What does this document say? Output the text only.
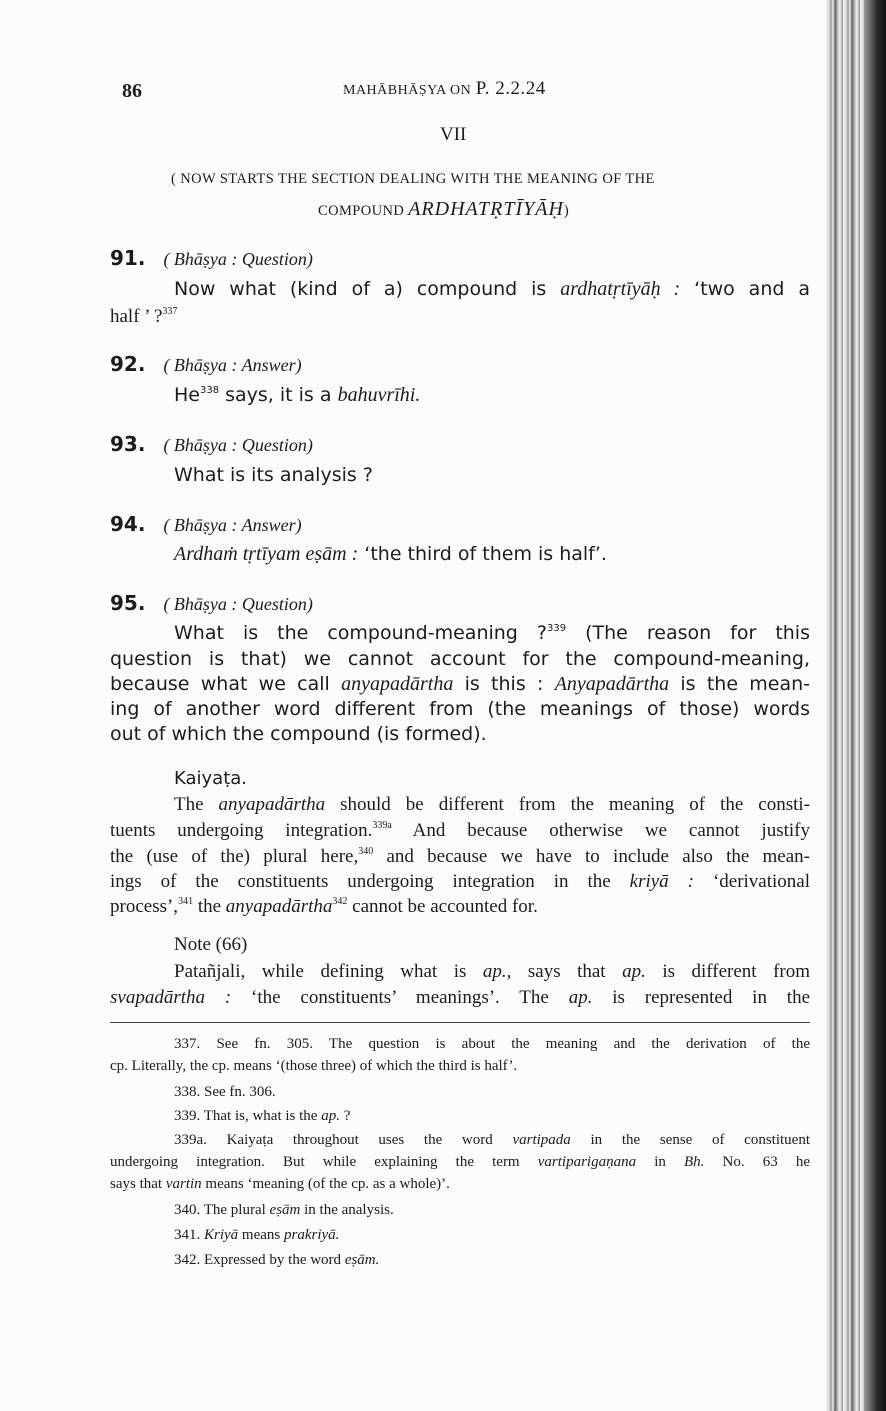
86	MAHĀBHĀṢYA ON P. 2.2.24
VII
( NOW STARTS THE SECTION DEALING WITH THE MEANING OF THE
COMPOUND ARDHATṚTĪYĀḤ)
91. ( Bhāṣya : Question)
Now what (kind of a) compound is ardhatṛtīyāḥ : ‘two and a
half ’ ?$^{337}$
92. ( Bhāṣya : Answer)
He$^{338}$ says, it is a bahuvrīhi.
93. ( Bhāṣya : Question)
What is its analysis ?
94. ( Bhāṣya : Answer)
Ardhaṁ tṛtīyam eṣām : ‘the third of them is half’.
95. ( Bhāṣya : Question)
What is the compound-meaning ?$^{339}$ (The reason for this
question is that) we cannot account for the compound-meaning,
because what we call anyapadārtha is this : Anyapadārtha is the mean-
ing of another word different from (the meanings of those) words
out of which the compound (is formed).
Kaiyaṭa.
The anyapadārtha should be different from the meaning of the consti-
tuents undergoing integration.$^{339a}$ And because otherwise we cannot justify
the (use of the) plural here,$^{340}$ and because we have to include also the mean-
ings of the constituents undergoing integration in the kriyā : ‘derivational
process’,$^{341}$ the anyapadārtha$^{342}$ cannot be accounted for.
Note (66)
Patañjali, while defining what is ap., says that ap. is different from
svapadārtha : ‘the constituents’ meanings’. The ap. is represented in the
337. See fn. 305. The question is about the meaning and the derivation of the
cp. Literally, the cp. means ‘(those three) of which the third is half’.
338. See fn. 306.
339. That is, what is the ap. ?
339a. Kaiyaṭa throughout uses the word vartipada in the sense of constituent
undergoing integration. But while explaining the term vartiparigaṇana in Bh. No. 63 he
says that vartin means ‘meaning (of the cp. as a whole)’.
340. The plural eṣām in the analysis.
341. Kriyā means prakriyā.
342. Expressed by the word eṣām.
